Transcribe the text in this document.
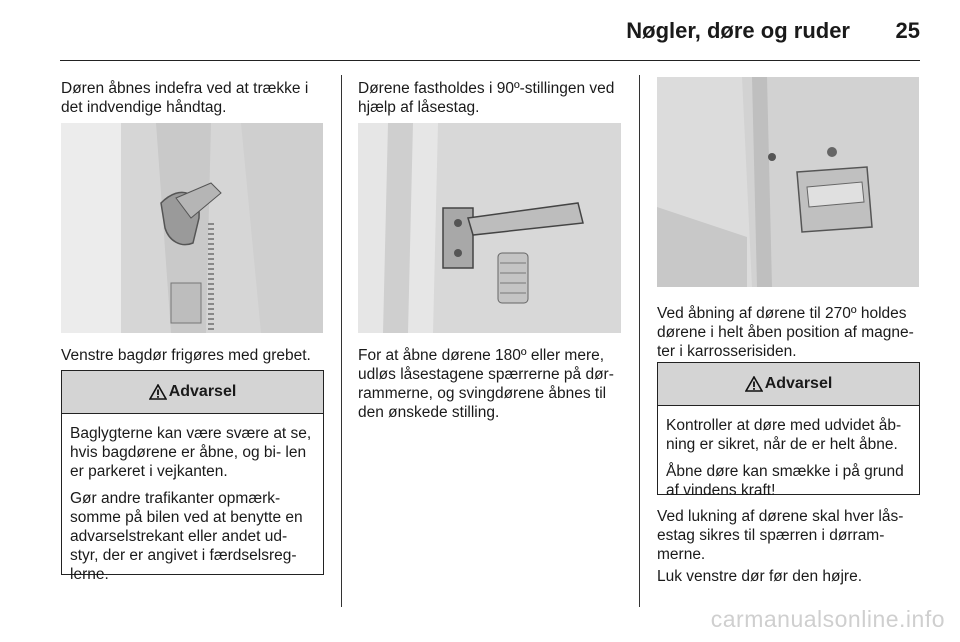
Nøgler, døre og ruder	25

Døren åbnes indefra ved at trække i det indvendige håndtag.

Venstre bagdør frigøres med grebet.

Advarsel

Baglygterne kan være svære at se, hvis bagdørene er åbne, og bi- len er parkeret i vejkanten.

Gør andre trafikanter opmærk- somme på bilen ved at benytte en advarselstrekant eller andet ud- styr, der er angivet i færdselsreg- lerne.

Dørene fastholdes i 90º-stillingen ved hjælp af låsestag.

For at åbne dørene 180º eller mere, udløs låsestagene spærrerne på dør- rammerne, og svingdørene åbnes til den ønskede stilling.

Ved åbning af dørene til 270º holdes dørene i helt åben position af magne- ter i karrosserisiden.

Advarsel

Kontroller at døre med udvidet åb- ning er sikret, når de er helt åbne.

Åbne døre kan smække i på grund af vindens kraft!

Ved lukning af dørene skal hver lås- estag sikres til spærren i dørram- merne.

Luk venstre dør før den højre.

carmanualsonline.info
